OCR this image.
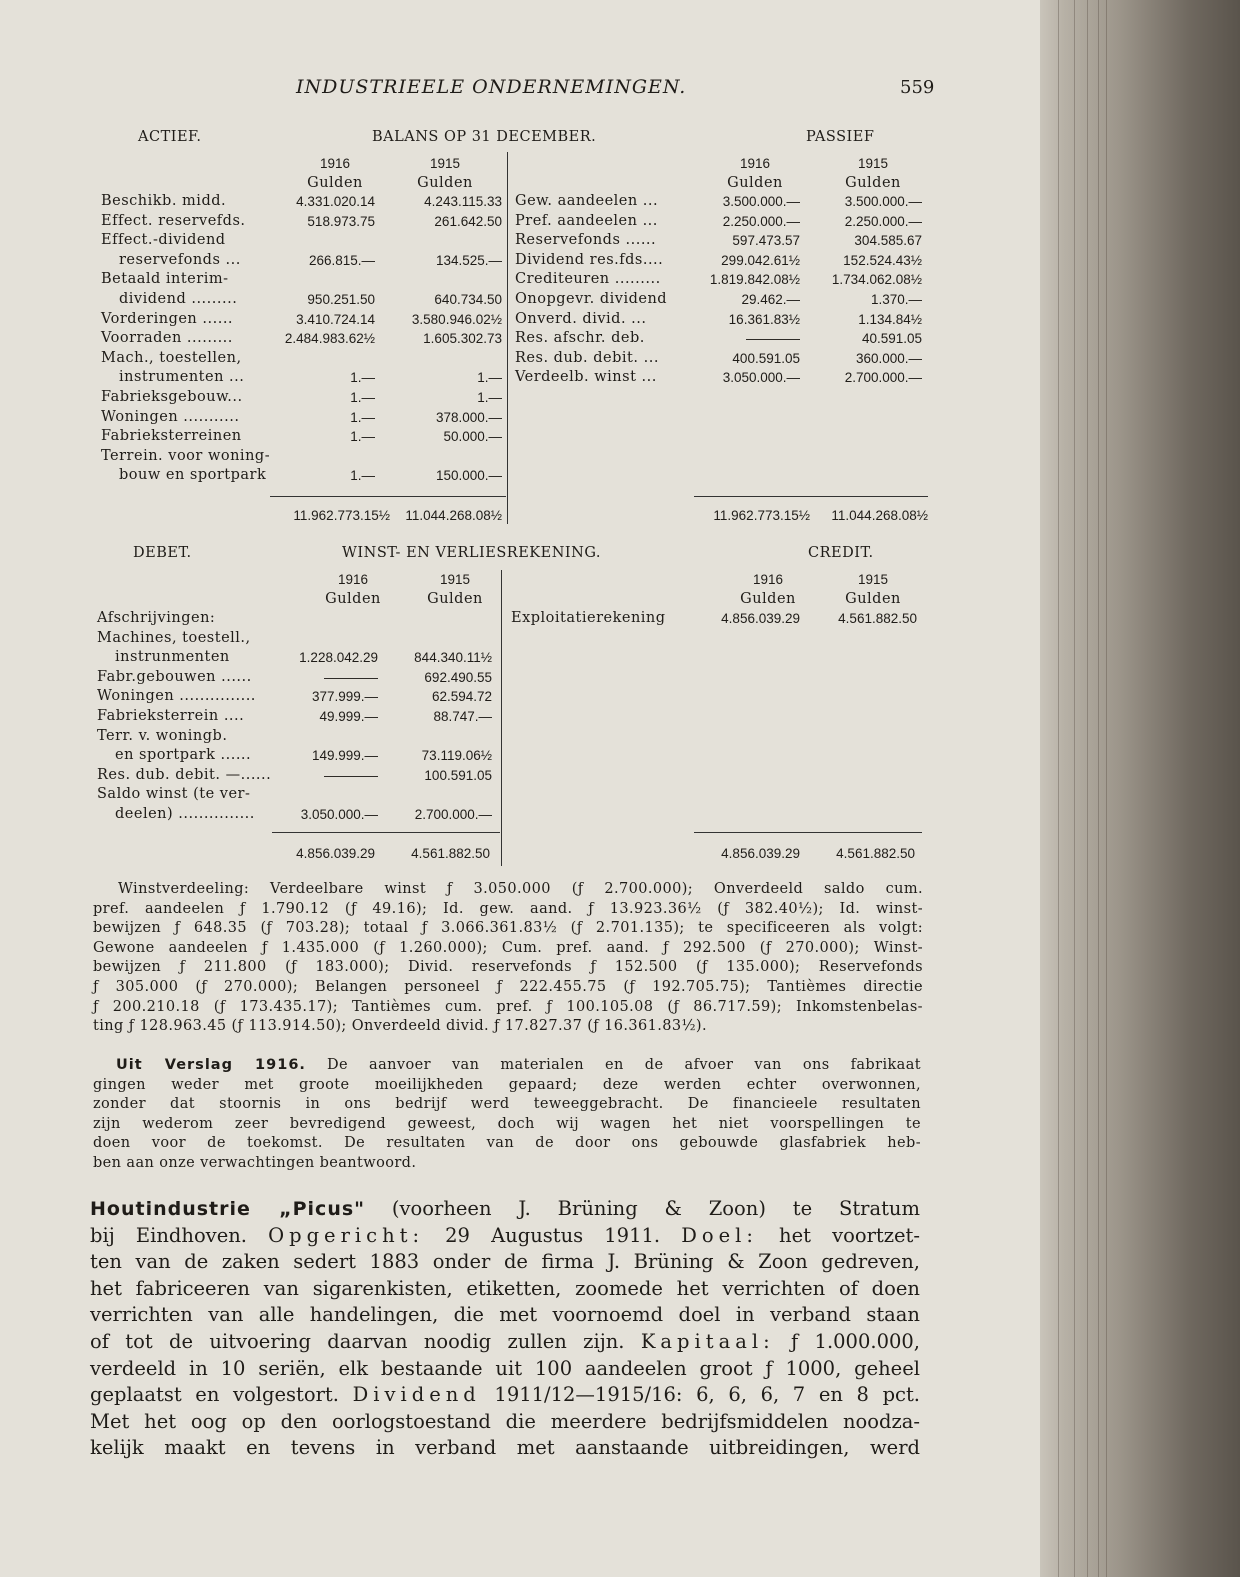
INDUSTRIEELE ONDERNEMINGEN.	559
ACTIEF.	BALANS OP 31 DECEMBER.	PASSIEF
1916	1915	1916	1915
Gulden	Gulden	Gulden	Gulden
Beschikb. midd.	4.331.020.14	4.243.115.33
Effect. reservefds.	518.973.75	261.642.50
Effect.-dividend
reservefonds ...	266.815.—	134.525.—
Betaald interim-
dividend .........	950.251.50	640.734.50
Vorderingen ......	3.410.724.14	3.580.946.02½
Voorraden .........	2.484.983.62½	1.605.302.73
Mach., toestellen,
instrumenten ...	1.—	1.—
Fabrieksgebouw...	1.—	1.—
Woningen ...........	1.—	378.000.—
Fabrieksterreinen	1.—	50.000.—
Terrein. voor woning-
bouw en sportpark	1.—	150.000.—
Gew. aandeelen ...	3.500.000.—	3.500.000.—
Pref. aandeelen ...	2.250.000.—	2.250.000.—
Reservefonds ......	597.473.57	304.585.67
Dividend res.fds....	299.042.61½	152.524.43½
Crediteuren .........	1.819.842.08½	1.734.062.08½
Onopgevr. dividend	29.462.—	1.370.—
Onverd. divid. ...	16.361.83½	1.134.84½
Res. afschr. deb.	————	40.591.05
Res. dub. debit. ...	400.591.05	360.000.—
Verdeelb. winst ...	3.050.000.—	2.700.000.—
11.962.773.15½	11.044.268.08½	11.962.773.15½	11.044.268.08½
DEBET.	WINST- EN VERLIESREKENING.	CREDIT.
1916	1915	1916	1915
Gulden	Gulden	Gulden	Gulden
Afschrijvingen:
Machines, toestell.,
instrunmenten	1.228.042.29	844.340.11½
Fabr.gebouwen ......	————	692.490.55
Woningen ...............	377.999.—	62.594.72
Fabrieksterrein ....	49.999.—	88.747.—
Terr. v. woningb.
en sportpark ......	149.999.—	73.119.06½
Res. dub. debit. —......	————	100.591.05
Saldo winst (te ver-
deelen) ...............	3.050.000.—	2.700.000.—
Exploitatierekening	4.856.039.29	4.561.882.50
4.856.039.29	4.561.882.50	4.856.039.29	4.561.882.50
Winstverdeeling: Verdeelbare winst ƒ 3.050.000 (ƒ 2.700.000); Onverdeeld saldo cum.
pref. aandeelen ƒ 1.790.12 (ƒ 49.16); Id. gew. aand. ƒ 13.923.36½ (ƒ 382.40½); Id. winst-
bewijzen ƒ 648.35 (ƒ 703.28); totaal ƒ 3.066.361.83½ (ƒ 2.701.135); te specificeeren als volgt:
Gewone aandeelen ƒ 1.435.000 (ƒ 1.260.000); Cum. pref. aand. ƒ 292.500 (ƒ 270.000); Winst-
bewijzen ƒ 211.800 (ƒ 183.000); Divid. reservefonds ƒ 152.500 (ƒ 135.000); Reservefonds
ƒ 305.000 (ƒ 270.000); Belangen personeel ƒ 222.455.75 (ƒ 192.705.75); Tantièmes directie
ƒ 200.210.18 (ƒ 173.435.17); Tantièmes cum. pref. ƒ 100.105.08 (ƒ 86.717.59); Inkomstenbelas-
ting ƒ 128.963.45 (ƒ 113.914.50); Onverdeeld divid. ƒ 17.827.37 (ƒ 16.361.83½).
Uit Verslag 1916. De aanvoer van materialen en de afvoer van ons fabrikaat
gingen weder met groote moeilijkheden gepaard; deze werden echter overwonnen,
zonder dat stoornis in ons bedrijf werd teweeggebracht. De financieele resultaten
zijn wederom zeer bevredigend geweest, doch wij wagen het niet voorspellingen te
doen voor de toekomst. De resultaten van de door ons gebouwde glasfabriek heb-
ben aan onze verwachtingen beantwoord.
Houtindustrie „Picus" (voorheen J. Brüning & Zoon) te Stratum
bij Eindhoven. Opgericht: 29 Augustus 1911. Doel: het voortzet-
ten van de zaken sedert 1883 onder de firma J. Brüning & Zoon gedreven,
het fabriceeren van sigarenkisten, etiketten, zoomede het verrichten of doen
verrichten van alle handelingen, die met voornoemd doel in verband staan
of tot de uitvoering daarvan noodig zullen zijn. Kapitaal: ƒ 1.000.000,
verdeeld in 10 seriën, elk bestaande uit 100 aandeelen groot ƒ 1000, geheel
geplaatst en volgestort. Dividend 1911/12—1915/16: 6, 6, 6, 7 en 8 pct.
Met het oog op den oorlogstoestand die meerdere bedrijfsmiddelen noodza-
kelijk maakt en tevens in verband met aanstaande uitbreidingen, werd
